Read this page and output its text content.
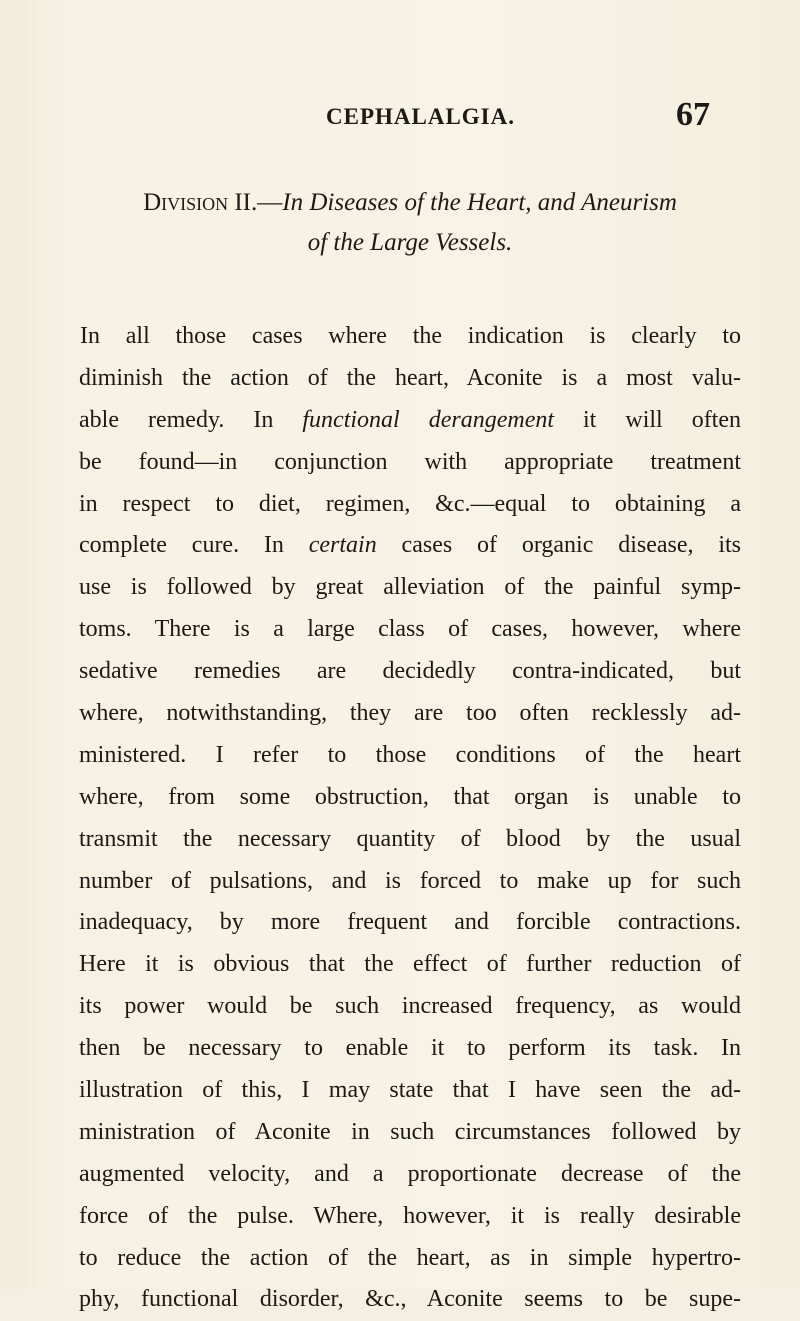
CEPHALALGIA.	67
Division II.—In Diseases of the Heart, and Aneurism
of the Large Vessels.
In all those cases where the indication is clearly to
diminish the action of the heart, Aconite is a most valu-
able remedy. In functional derangement it will often
be found—in conjunction with appropriate treatment
in respect to diet, regimen, &c.—equal to obtaining a
complete cure. In certain cases of organic disease, its
use is followed by great alleviation of the painful symp-
toms. There is a large class of cases, however, where
sedative remedies are decidedly contra-indicated, but
where, notwithstanding, they are too often recklessly ad-
ministered. I refer to those conditions of the heart
where, from some obstruction, that organ is unable to
transmit the necessary quantity of blood by the usual
number of pulsations, and is forced to make up for such
inadequacy, by more frequent and forcible contractions.
Here it is obvious that the effect of further reduction of
its power would be such increased frequency, as would
then be necessary to enable it to perform its task. In
illustration of this, I may state that I have seen the ad-
ministration of Aconite in such circumstances followed by
augmented velocity, and a proportionate decrease of the
force of the pulse. Where, however, it is really desirable
to reduce the action of the heart, as in simple hypertro-
phy, functional disorder, &c., Aconite seems to be supe-
